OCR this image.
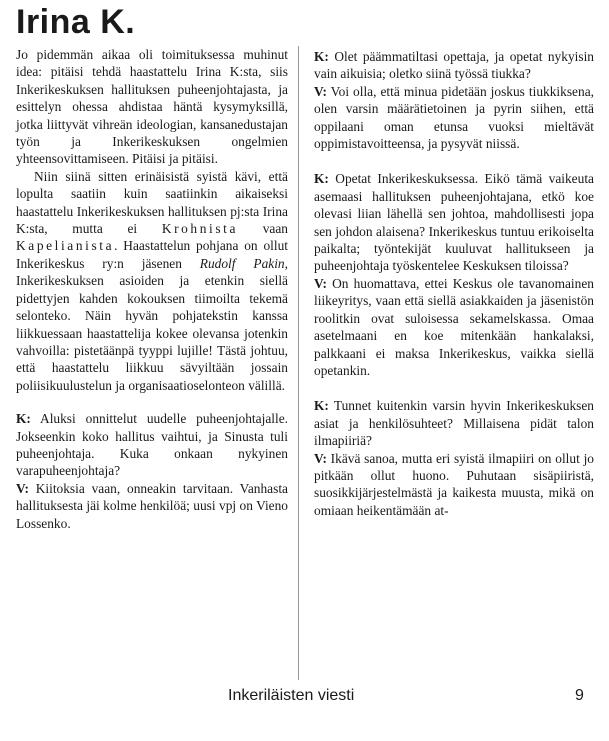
Irina K.

Jo pidemmän aikaa oli toimituksessa muhinut idea: pitäisi tehdä haastattelu Irina K:sta, siis Inkerikeskuksen hallituksen puheenjohtajasta, ja esittelyn ohessa ahdistaa häntä kysymyksillä, jotka liittyvät vihreän ideologian, kansanedustajan työn ja Inkerikeskuksen ongelmien yhteensovittamiseen. Pitäisi ja pitäisi.

Niin siinä sitten erinäisistä syistä kävi, että lopulta saatiin kuin saatiinkin aikaiseksi haastattelu Inkerikeskuksen hallituksen pj:sta Irina K:sta, mutta ei Krohnista vaan Kapelianista. Haastattelun pohjana on ollut Inkerikeskus ry:n jäsenen Rudolf Pakin, Inkerikeskuksen asioiden ja etenkin siellä pidettyjen kahden kokouksen tiimoilta tekemä selonteko. Näin hyvän pohjatekstin kanssa liikkuessaan haastattelija kokee olevansa jotenkin vahvoilla: pistetäänpä tyyppi lujille! Tästä johtuu, että haastattelu liikkuu sävyiltään jossain poliisikuulustelun ja organisaatioselonteon välillä.

K: Aluksi onnittelut uudelle puheenjohtajalle. Jokseenkin koko hallitus vaihtui, ja Sinusta tuli puheenjohtaja. Kuka onkaan nykyinen varapuheenjohtaja?

V: Kiitoksia vaan, onneakin tarvitaan. Vanhasta hallituksesta jäi kolme henkilöä; uusi vpj on Vieno Lossenko.

K: Olet päämmatiltasi opettaja, ja opetat nykyisin vain aikuisia; oletko siinä työssä tiukka?

V: Voi olla, että minua pidetään joskus tiukkiksena, olen varsin määrätietoinen ja pyrin siihen, että oppilaani oman etunsa vuoksi mieltävät oppimistavoitteensa, ja pysyvät niissä.

K: Opetat Inkerikeskuksessa. Eikö tämä vaikeuta asemaasi hallituksen puheenjohtajana, etkö koe olevasi liian lähellä sen johtoa, mahdollisesti jopa sen johdon alaisena? Inkerikeskus tuntuu erikoiselta paikalta; työntekijät kuuluvat hallitukseen ja puheenjohtaja työskentelee Keskuksen tiloissa?

V: On huomattava, ettei Keskus ole tavanomainen liikeyritys, vaan että siellä asiakkaiden ja jäsenistön roolitkin ovat suloisessa sekamelskassa. Omaa asetelmaani en koe mitenkään hankalaksi, palkkaani ei maksa Inkerikeskus, vaikka siellä opetankin.

K: Tunnet kuitenkin varsin hyvin Inkerikeskuksen asiat ja henkilösuhteet? Millaisena pidät talon ilmapiiriä?

V: Ikävä sanoa, mutta eri syistä ilmapiiri on ollut jo pitkään ollut huono. Puhutaan sisäpiiristä, suosikkijärjestelmästä ja kaikesta muusta, mikä on omiaan heikentämään at-

Inkeriläisten viesti	9
